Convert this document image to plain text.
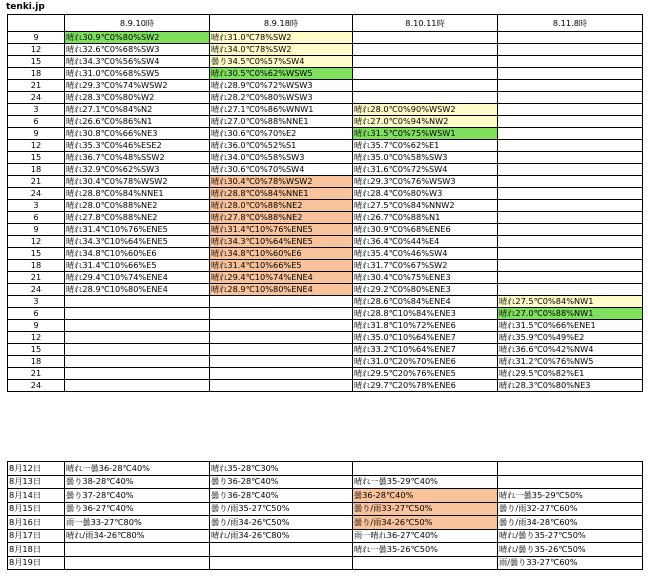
tenki.jp
	8.9.10時	8.9.18時	8.10.11時	8.11.8時
9	晴れ30.9℃0%80%SW2	晴れ31.0℃78%SW2		
12	晴れ32.6℃0%68%SW3	晴れ34.0℃78%SW2		
15	晴れ34.3℃0%56%SW4	曇り34.5℃0%57%SW4		
18	晴れ31.0℃0%68%SW5	晴れ30.5℃0%62%WSW5		
21	晴れ29.3℃0%74%WSW2	晴れ28.9℃0%72%WSW3		
24	晴れ28.3℃0%80%W2	晴れ28.2℃0%80%WSW3		
3	晴れ27.1℃0%84%N2	晴れ27.1℃0%86%WNW1	晴れ28.0℃0%90%WSW2	
6	晴れ26.6℃0%86%N1	晴れ27.0℃0%88%NNE1	晴れ27.0℃0%94%NW2	
9	晴れ30.8℃0%66%NE3	晴れ30.6℃0%70%E2	晴れ31.5℃0%75%WSW1	
12	晴れ35.3℃0%46%ESE2	晴れ36.0℃0%52%S1	晴れ35.7℃0%62%E1	
15	晴れ36.7℃0%48%SSW2	晴れ34.0℃0%58%SW3	晴れ35.0℃0%58%SW3	
18	晴れ32.9℃0%62%SW3	晴れ30.6℃0%70%SW4	晴れ31.6℃0%72%SW4	
21	晴れ30.4℃0%78%WSW2	晴れ30.4℃0%78%WSW2	晴れ29.3℃0%76%WSW3	
24	晴れ28.8℃0%84%NNE1	晴れ28.8℃0%84%NNE1	晴れ28.4℃0%80%W3	
3	晴れ28.0℃0%88%NE2	晴れ28.0℃0%88%NE2	晴れ27.5℃0%84%NNW2	
6	晴れ27.8℃0%88%NE2	晴れ27.8℃0%88%NE2	晴れ26.7℃0%88%N1	
9	晴れ31.4℃10%76%ENE5	晴れ31.4℃10%76%ENE5	晴れ30.9℃0%68%ENE6	
12	晴れ34.3℃10%64%ENE5	晴れ34.3℃10%64%ENE5	晴れ36.4℃0%44%E4	
15	晴れ34.8℃10%60%E6	晴れ34.8℃10%60%E6	晴れ35.4℃0%46%SW4	
18	晴れ31.4℃10%66%E5	晴れ31.4℃10%66%E5	晴れ31.7℃0%67%SW2	
21	晴れ29.4℃10%74%ENE4	晴れ29.4℃10%74%ENE4	晴れ30.4℃0%75%ENE3	
24	晴れ28.9℃10%80%ENE4	晴れ28.9℃10%80%ENE4	晴れ29.2℃0%80%ENE3	
3			晴れ28.6℃0%84%ENE4	晴れ27.5℃0%84%NW1
6			晴れ28.8℃10%84%ENE3	晴れ27.0℃0%88%NW1
9			晴れ31.8℃10%72%ENE6	晴れ31.5℃0%66%ENE1
12			晴れ35.0℃10%64%ENE7	晴れ35.9℃0%49%E2
15			晴れ33.2℃10%64%ENE7	晴れ36.6℃0%42%NW4
18			晴れ31.0℃20%70%ENE6	晴れ31.2℃0%76%NW5
21			晴れ29.5℃20%76%ENE5	晴れ29.5℃0%82%E1
24			晴れ29.7℃20%78%ENE6	晴れ28.3℃0%80%NE3
8月12日	晴れ一曇36-28℃40%	晴れ35-28℃30%		
8月13日	曇り38-28℃40%	曇り36-28℃40%	晴れ一曇35-29℃40%	
8月14日	曇り37-28℃40%	曇り36-28℃40%	曇36-28℃40%	晴れ一曇35-29℃50%
8月15日	曇り36-27℃40%	曇り/雨35-27℃50%	曇り/雨33-27℃50%	曇り/雨32-27℃60%
8月16日	雨一曇33-27℃80%	曇り/雨34-26℃50%	曇り/雨34-26℃50%	曇り/雨34-28℃60%
8月17日	晴れ/雨34-26℃80%	晴れ/雨34-26℃80%	雨一晴れ36-27℃40%	晴れ/曇り35-27℃50%
8月18日			晴れ一曇35-26℃50%	晴れ/曇り35-26℃50%
8月19日				雨/曇り33-27℃60%
